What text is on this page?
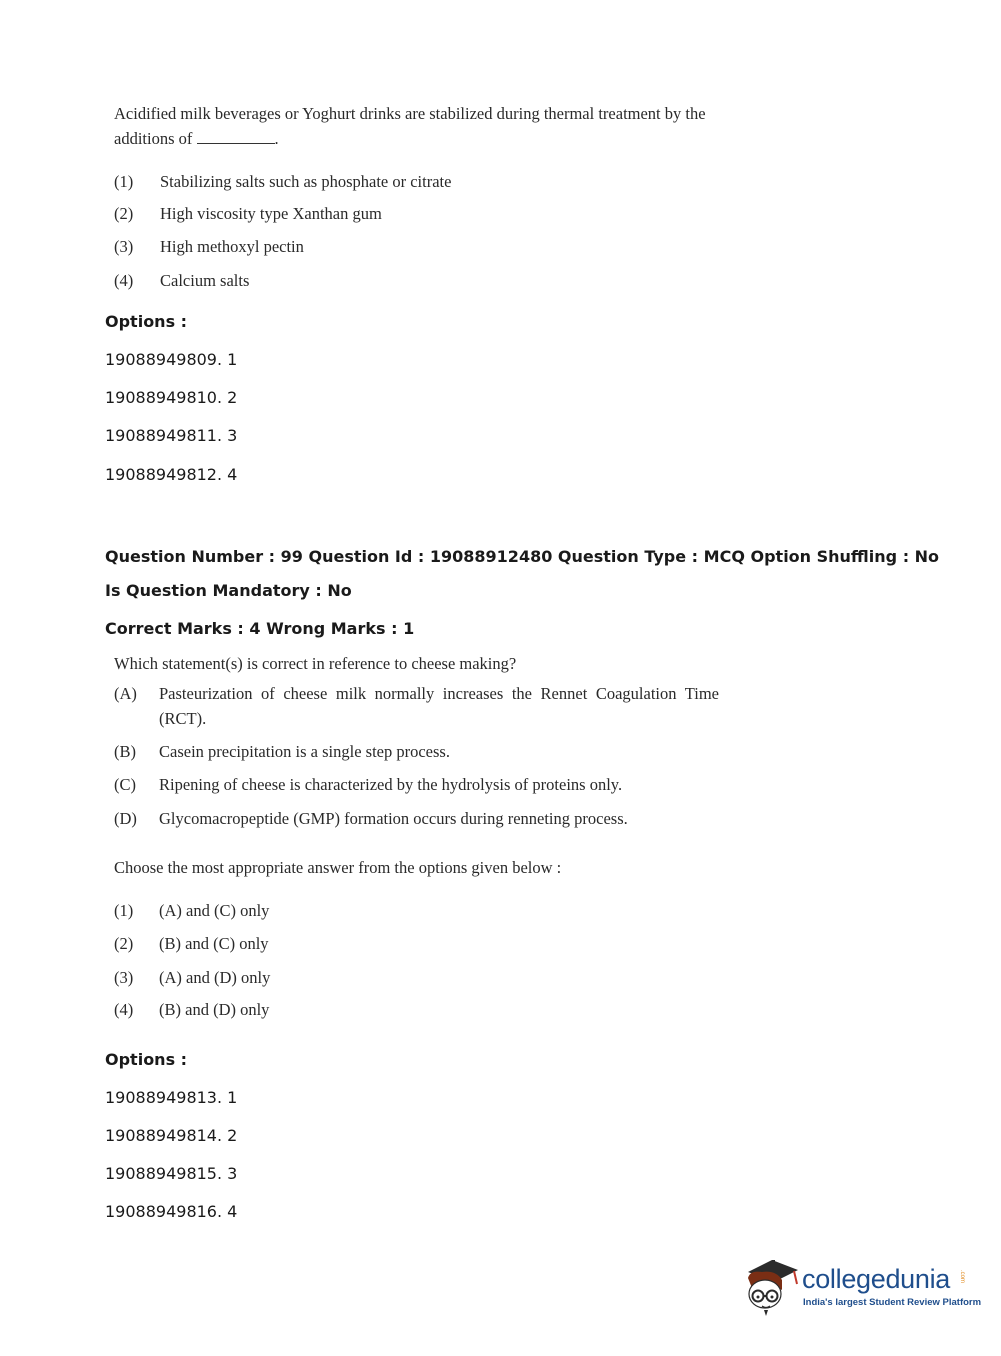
Acidified milk beverages or Yoghurt drinks are stabilized during thermal treatment by the
additions of	.
(1) Stabilizing salts such as phosphate or citrate
(2) High viscosity type Xanthan gum
(3) High methoxyl pectin
(4) Calcium salts
Options :
19088949809. 1
19088949810. 2
19088949811. 3
19088949812. 4
Question Number : 99 Question Id : 19088912480 Question Type : MCQ Option Shuffling : No
Is Question Mandatory : No
Correct Marks : 4 Wrong Marks : 1
Which statement(s) is correct in reference to cheese making?
(A) Pasteurization of cheese milk normally increases the Rennet Coagulation Time
(RCT).
(B) Casein precipitation is a single step process.
(C) Ripening of cheese is characterized by the hydrolysis of proteins only.
(D) Glycomacropeptide (GMP) formation occurs during renneting process.
Choose the most appropriate answer from the options given below :
(1) (A) and (C) only
(2) (B) and (C) only
(3) (A) and (D) only
(4) (B) and (D) only
Options :
19088949813. 1
19088949814. 2
19088949815. 3
19088949816. 4
collegedunia .com
India's largest Student Review Platform
